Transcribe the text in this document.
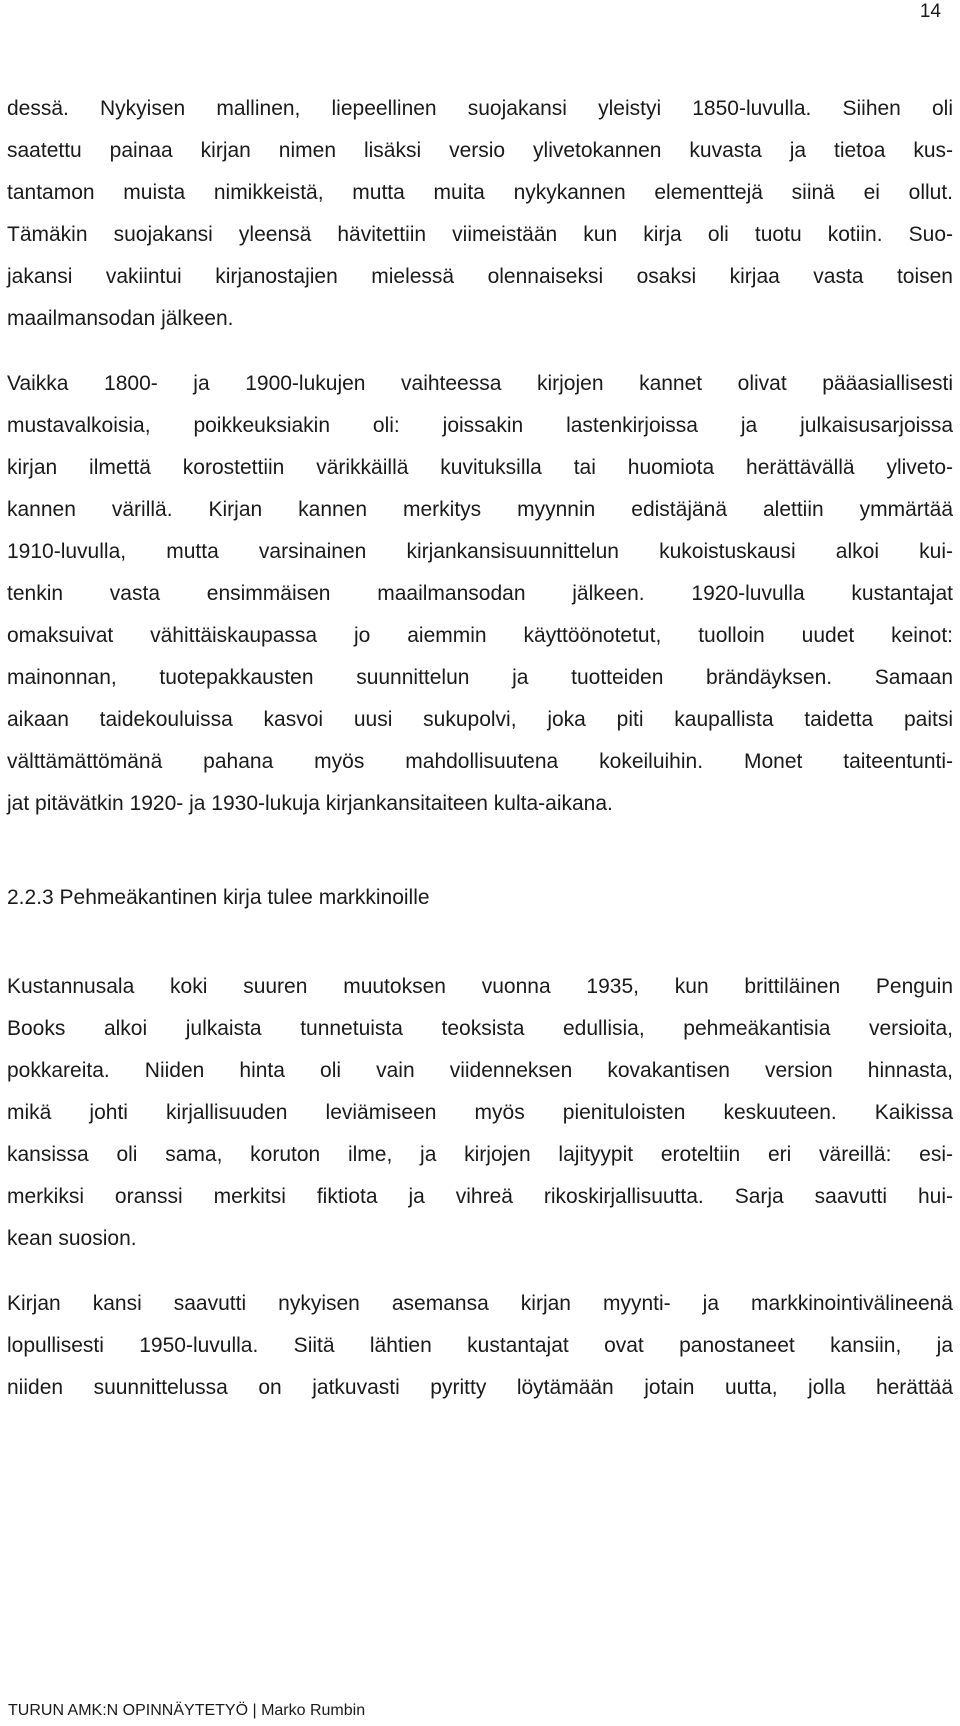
14

dessä. Nykyisen mallinen, liepeellinen suojakansi yleistyi 1850-luvulla. Siihen oli

saatettu painaa kirjan nimen lisäksi versio ylivetokannen kuvasta ja tietoa kus-

tantamon muista nimikkeistä, mutta muita nykykannen elementtejä siinä ei ollut.

Tämäkin suojakansi yleensä hävitettiin viimeistään kun kirja oli tuotu kotiin. Suo-

jakansi vakiintui kirjanostajien mielessä olennaiseksi osaksi kirjaa vasta toisen

maailmansodan jälkeen.

Vaikka 1800- ja 1900-lukujen vaihteessa kirjojen kannet olivat pääasiallisesti

mustavalkoisia, poikkeuksiakin oli: joissakin lastenkirjoissa ja julkaisusarjoissa

kirjan ilmettä korostettiin värikkäillä kuvituksilla tai huomiota herättävällä ylivetо-

kannen värillä. Kirjan kannen merkitys myynnin edistäjänä alettiin ymmärtää

1910-luvulla, mutta varsinainen kirjankansisuunnittelun kukoistuskausi alkoi kui-

tenkin vasta ensimmäisen maailmansodan jälkeen. 1920-luvulla kustantajat

omaksuivat vähittäiskaupassa jo aiemmin käyttöönotetut, tuolloin uudet keinot:

mainonnan, tuotepakkausten suunnittelun ja tuotteiden brändäyksen. Samaan

aikaan taidekouluissa kasvoi uusi sukupolvi, joka piti kaupallista taidetta paitsi

välttämättömänä pahana myös mahdollisuutena kokeiluihin. Monet taiteentunti-

jat pitävätkin 1920- ja 1930-lukuja kirjankansitaiteen kulta-aikana.

2.2.3 Pehmeäkantinen kirja tulee markkinoille

Kustannusala koki suuren muutoksen vuonna 1935, kun brittiläinen Penguin

Books alkoi julkaista tunnetuista teoksista edullisia, pehmeäkantisia versioita,

pokkareita. Niiden hinta oli vain viidenneksen kovakantisen version hinnasta,

mikä johti kirjallisuuden leviämiseen myös pienituloisten keskuuteen. Kaikissa

kansissa oli sama, koruton ilme, ja kirjojen lajityypit eroteltiin eri väreillä: esi-

merkiksi oranssi merkitsi fiktiota ja vihreä rikoskirjallisuutta. Sarja saavutti hui-

kean suosion.

Kirjan kansi saavutti nykyisen asemansa kirjan myynti- ja markkinointivälineenä

lopullisesti 1950-luvulla. Siitä lähtien kustantajat ovat panostaneet kansiin, ja

niiden suunnittelussa on jatkuvasti pyritty löytämään jotain uutta, jolla herättää

TURUN AMK:N OPINNÄYTETYÖ | Marko Rumbin
